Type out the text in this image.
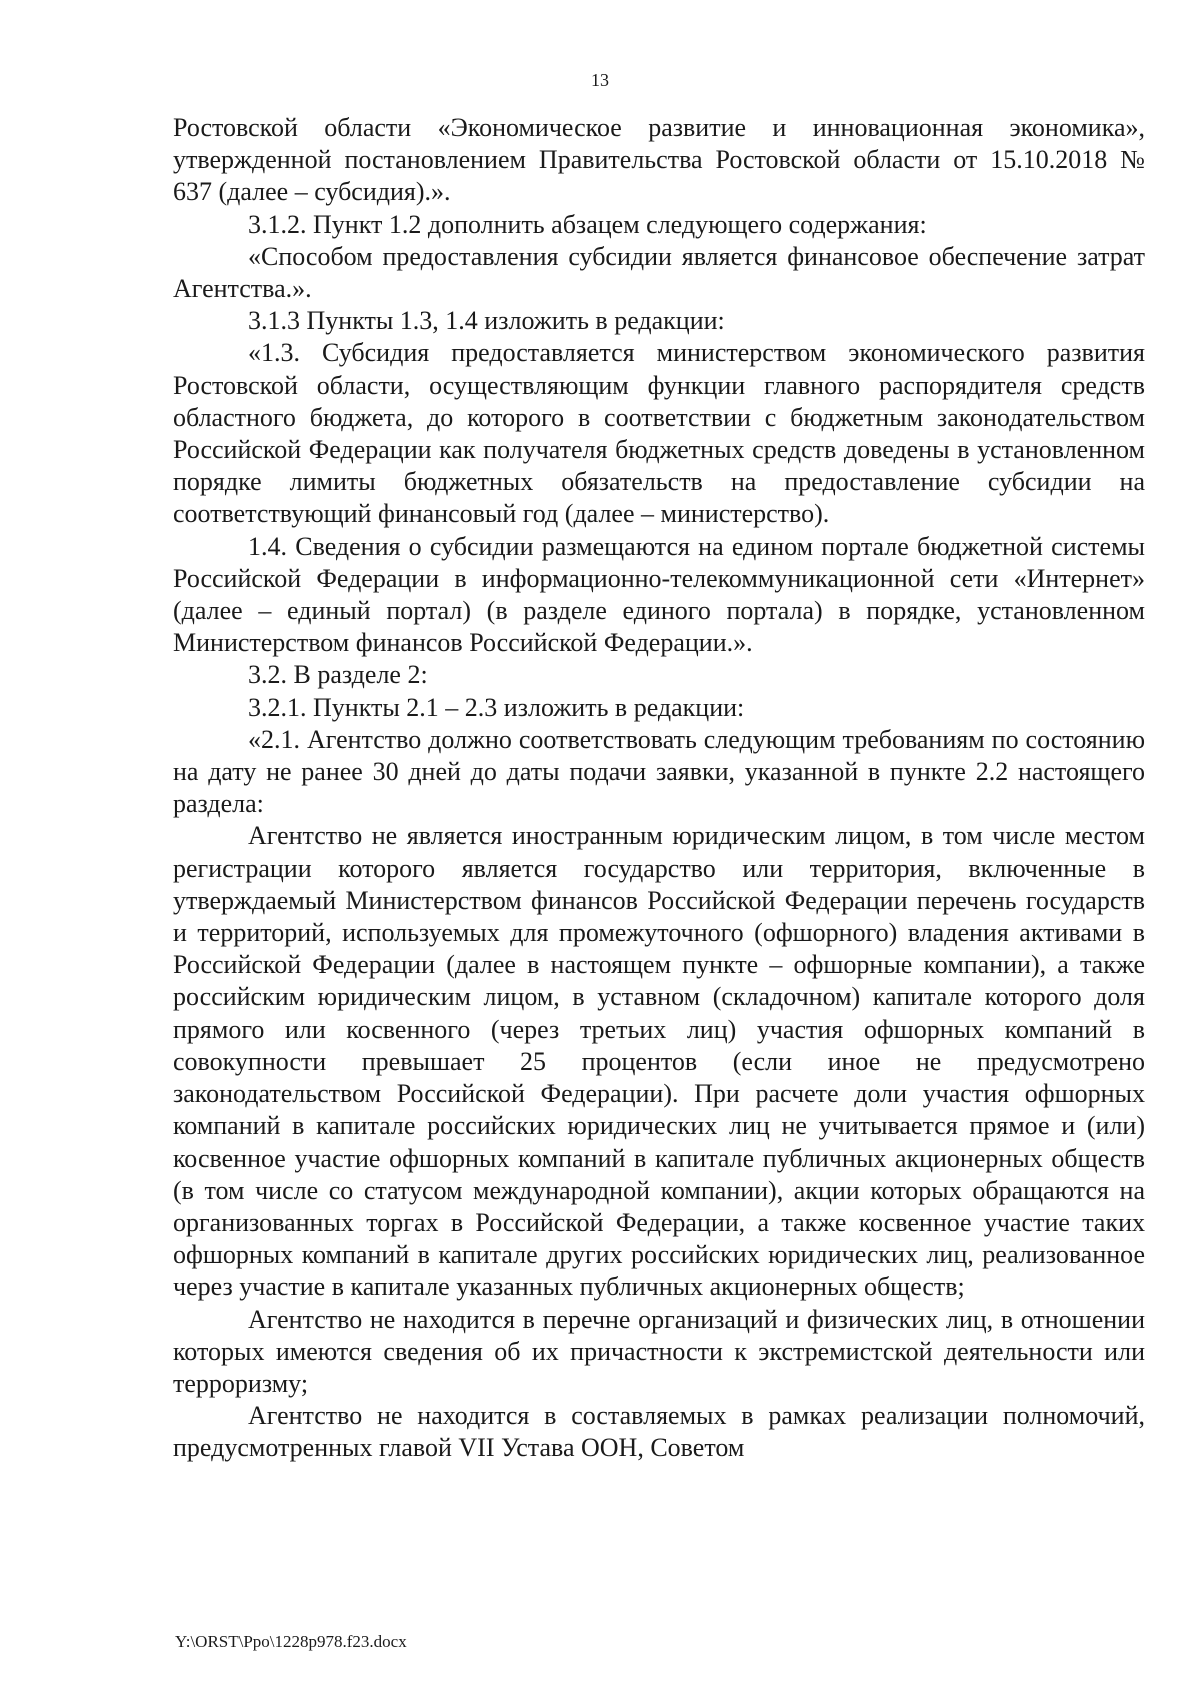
13

Ростовской области «Экономическое развитие и инновационная экономика», утвержденной постановлением Правительства Ростовской области от 15.10.2018 № 637 (далее – субсидия).».

3.1.2. Пункт 1.2 дополнить абзацем следующего содержания:

«Способом предоставления субсидии является финансовое обеспечение затрат Агентства.».

3.1.3 Пункты 1.3, 1.4 изложить в редакции:

«1.3. Субсидия предоставляется министерством экономического развития Ростовской области, осуществляющим функции главного распорядителя средств областного бюджета, до которого в соответствии с бюджетным законодательством Российской Федерации как получателя бюджетных средств доведены в установленном порядке лимиты бюджетных обязательств на предоставление субсидии на соответствующий финансовый год (далее – министерство).

1.4. Сведения о субсидии размещаются на едином портале бюджетной системы Российской Федерации в информационно-телекоммуникационной сети «Интернет» (далее – единый портал) (в разделе единого портала) в порядке, установленном Министерством финансов Российской Федерации.».

3.2. В разделе 2:

3.2.1. Пункты 2.1 – 2.3 изложить в редакции:

«2.1. Агентство должно соответствовать следующим требованиям по состоянию на дату не ранее 30 дней до даты подачи заявки, указанной в пункте 2.2 настоящего раздела:

Агентство не является иностранным юридическим лицом, в том числе местом регистрации которого является государство или территория, включенные в утверждаемый Министерством финансов Российской Федерации перечень государств и территорий, используемых для промежуточного (офшорного) владения активами в Российской Федерации (далее в настоящем пункте – офшорные компании), а также российским юридическим лицом, в уставном (складочном) капитале которого доля прямого или косвенного (через третьих лиц) участия офшорных компаний в совокупности превышает 25 процентов (если иное не предусмотрено законодательством Российской Федерации). При расчете доли участия офшорных компаний в капитале российских юридических лиц не учитывается прямое и (или) косвенное участие офшорных компаний в капитале публичных акционерных обществ (в том числе со статусом международной компании), акции которых обращаются на организованных торгах в Российской Федерации, а также косвенное участие таких офшорных компаний в капитале других российских юридических лиц, реализованное через участие в капитале указанных публичных акционерных обществ;

Агентство не находится в перечне организаций и физических лиц, в отношении которых имеются сведения об их причастности к экстремистской деятельности или терроризму;

Агентство не находится в составляемых в рамках реализации полномочий, предусмотренных главой VII Устава ООН, Советом

Y:\ORST\Ppo\1228p978.f23.docx
